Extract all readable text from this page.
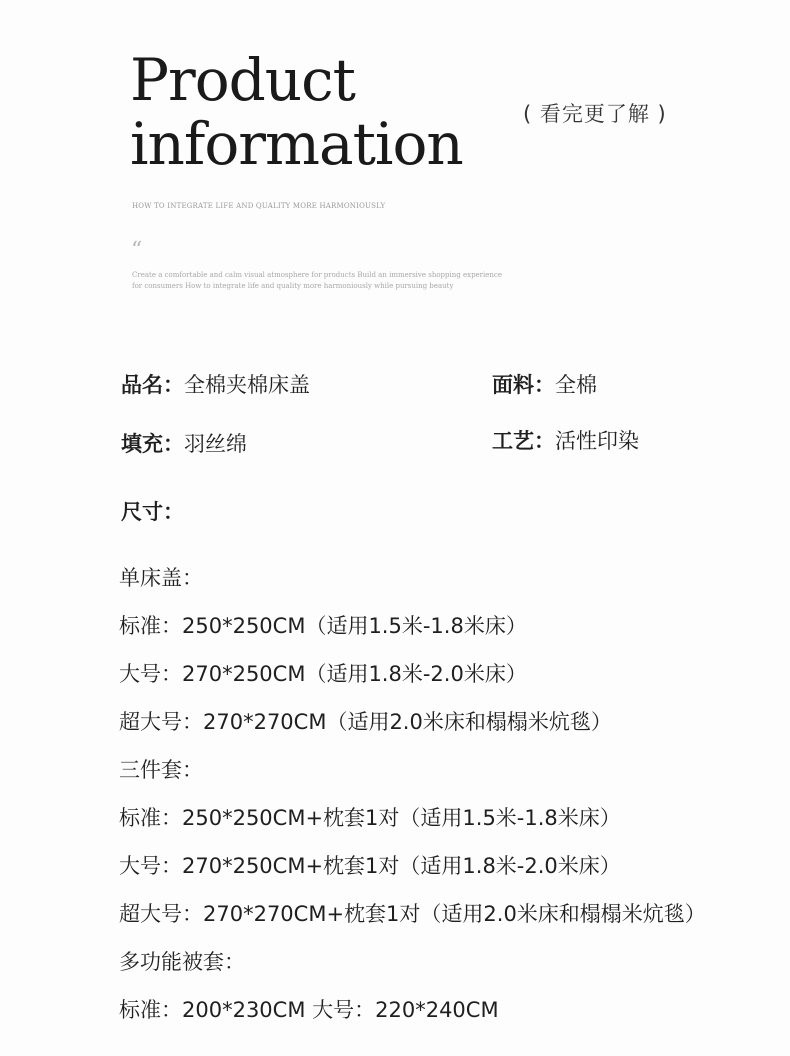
Product
information	( 看完更了解 )
HOW TO INTEGRATE LIFE AND QUALITY MORE HARMONIOUSLY
“
Create a comfortable and calm visual atmosphere for products Build an immersive shopping experience for consumers How to integrate life and quality more harmoniously while pursuing beauty
品名：全棉夹棉床盖	面料：全棉
填充：羽丝绵	工艺：活性印染
尺寸：
单床盖：
标准：250*250CM（适用1.5米-1.8米床）
大号：270*250CM（适用1.8米-2.0米床）
超大号：270*270CM（适用2.0米床和榻榻米炕毯）
三件套：
标准：250*250CM+枕套1对（适用1.5米-1.8米床）
大号：270*250CM+枕套1对（适用1.8米-2.0米床）
超大号：270*270CM+枕套1对（适用2.0米床和榻榻米炕毯）
多功能被套：
标准：200*230CM 大号：220*240CM
